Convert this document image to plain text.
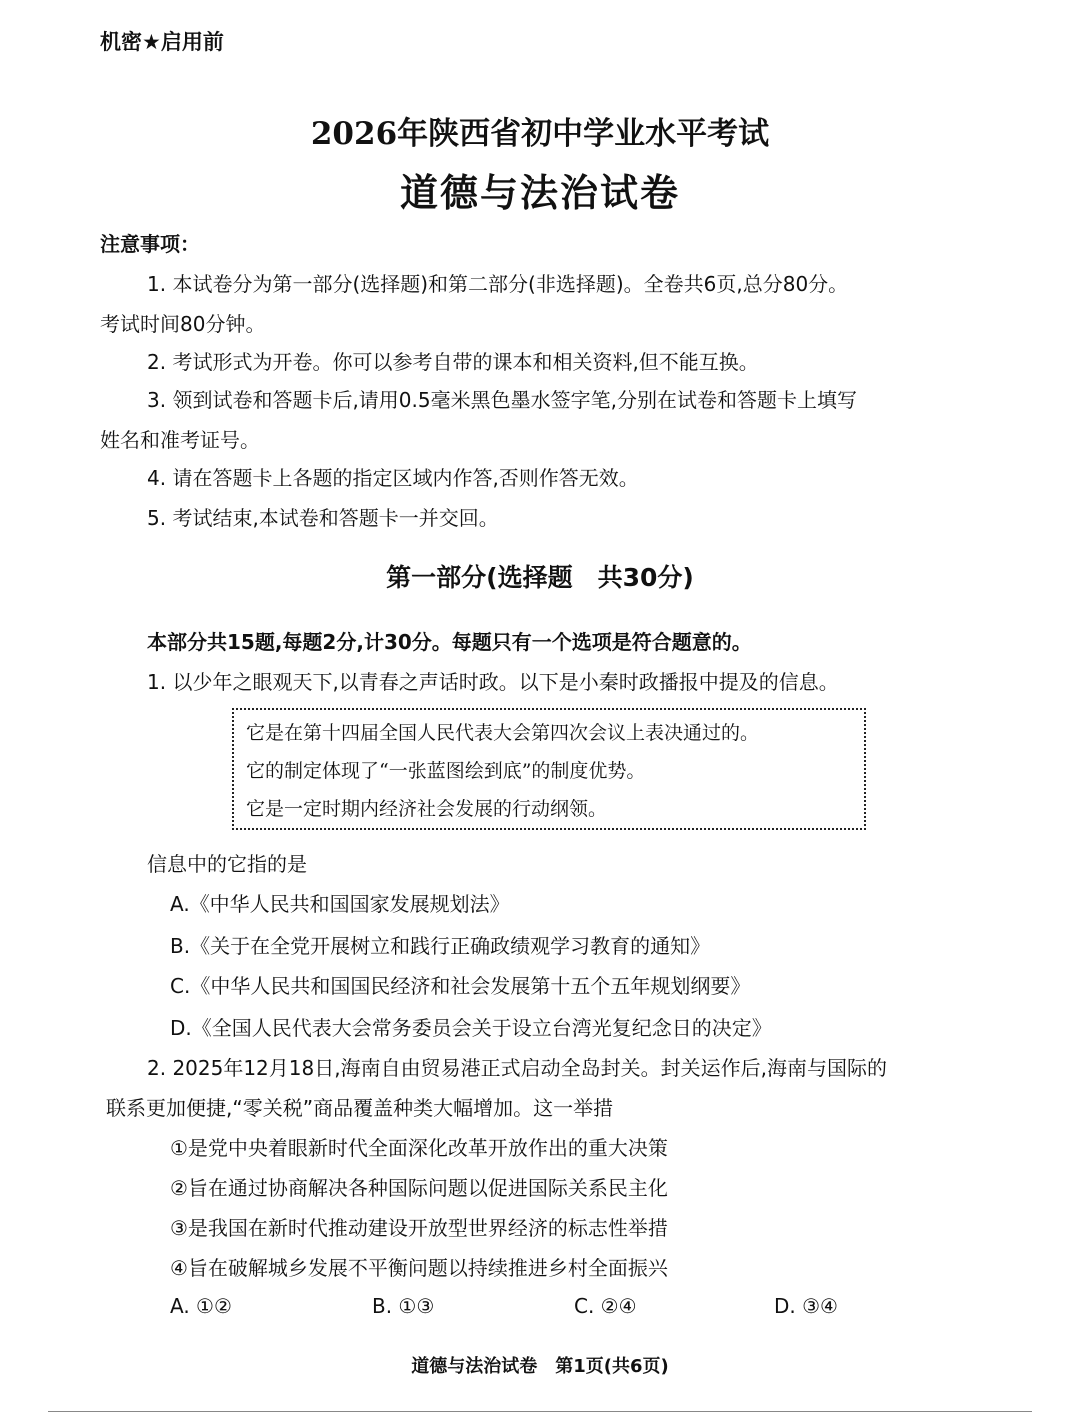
机密★启用前
2026年陕西省初中学业水平考试
道德与法治试卷
注意事项：
1. 本试卷分为第一部分(选择题)和第二部分(非选择题)。全卷共6页,总分80分。
考试时间80分钟。
2. 考试形式为开卷。你可以参考自带的课本和相关资料,但不能互换。
3. 领到试卷和答题卡后,请用0.5毫米黑色墨水签字笔,分别在试卷和答题卡上填写
姓名和准考证号。
4. 请在答题卡上各题的指定区域内作答,否则作答无效。
5. 考试结束,本试卷和答题卡一并交回。
第一部分(选择题　共30分)
本部分共15题,每题2分,计30分。每题只有一个选项是符合题意的。
1. 以少年之眼观天下,以青春之声话时政。以下是小秦时政播报中提及的信息。
它是在第十四届全国人民代表大会第四次会议上表决通过的。
它的制定体现了“一张蓝图绘到底”的制度优势。
它是一定时期内经济社会发展的行动纲领。
信息中的它指的是
A.《中华人民共和国国家发展规划法》
B.《关于在全党开展树立和践行正确政绩观学习教育的通知》
C.《中华人民共和国国民经济和社会发展第十五个五年规划纲要》
D.《全国人民代表大会常务委员会关于设立台湾光复纪念日的决定》
2. 2025年12月18日,海南自由贸易港正式启动全岛封关。封关运作后,海南与国际的
联系更加便捷,“零关税”商品覆盖种类大幅增加。这一举措
①是党中央着眼新时代全面深化改革开放作出的重大决策
②旨在通过协商解决各种国际问题以促进国际关系民主化
③是我国在新时代推动建设开放型世界经济的标志性举措
④旨在破解城乡发展不平衡问题以持续推进乡村全面振兴
A. ①②	B. ①③	C. ②④	D. ③④
道德与法治试卷　第1页(共6页)
